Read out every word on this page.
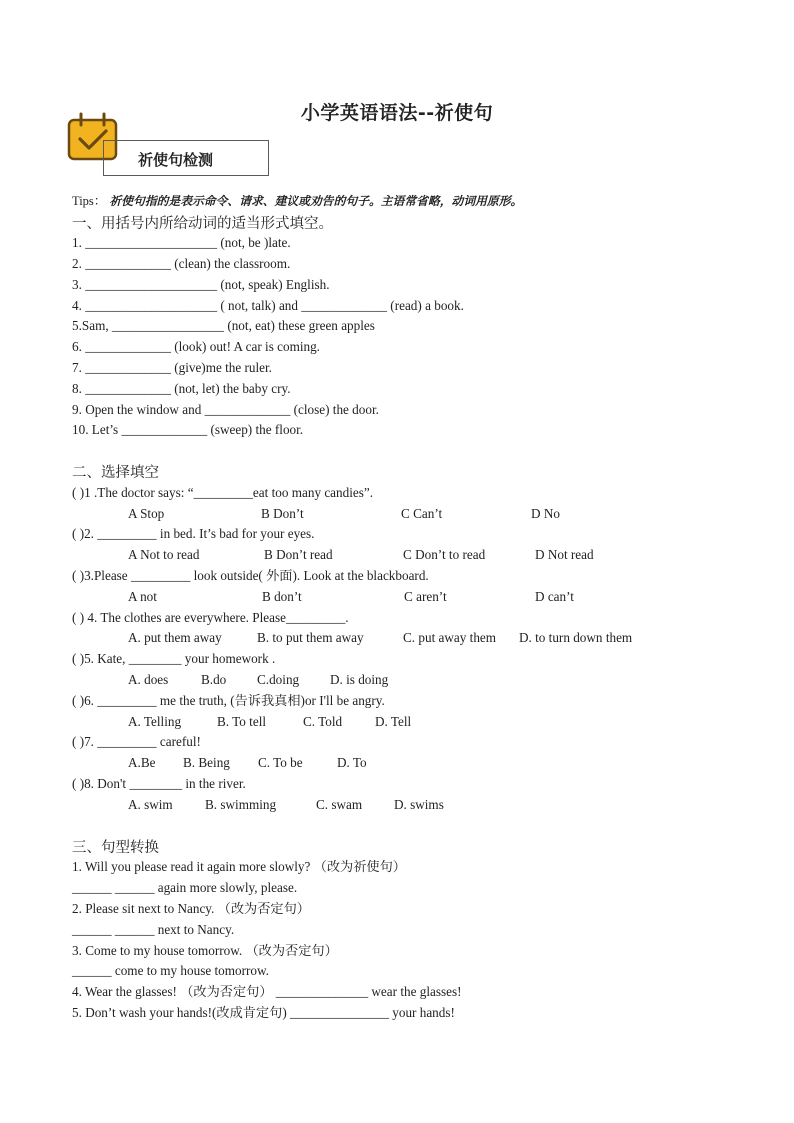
小学英语语法--祈使句
祈使句检测
Tips： 祈使句指的是表示命令、请求、建议或劝告的句子。主语常省略，动词用原形。
一、用括号内所给动词的适当形式填空。
1. ____________________ (not, be )late.
2. _____________ (clean) the classroom.
3. ____________________ (not, speak) English.
4. ____________________ ( not, talk) and _____________ (read) a book.
5.Sam, _________________ (not, eat) these green apples
6. _____________ (look) out! A car is coming.
7. _____________ (give)me the ruler.
8. _____________ (not, let) the baby cry.
9. Open the window and _____________ (close) the door.
10. Let’s _____________ (sweep) the floor.
二、选择填空
( )1 .The doctor says: “_________eat too many candies”.
A Stop	B Don’t	C Can’t	D No
( )2. _________ in bed. It’s bad for your eyes.
A Not to read	B Don’t read	C Don’t to read	D Not read
( )3.Please _________ look outside( 外面). Look at the blackboard.
A not	B don’t	C aren’t	D can’t
( ) 4. The clothes are everywhere. Please_________.
A. put them away	B. to put them away	C. put away them D. to turn down them
( )5. Kate, ________ your homework .
A. does B.do C.doing D. is doing
( )6. _________ me the truth, (告诉我真相)or I'll be angry.
A. Telling	B. To tell	C. Told D. Tell
( )7. _________ careful!
A.Be B. Being C. To be	D. To
( )8. Don't ________ in the river.
A. swim B. swimming	C. swam D. swims
三、句型转换
1. Will you please read it again more slowly? （改为祈使句）
______ ______ again more slowly, please.
2. Please sit next to Nancy. （改为否定句）
______ ______ next to Nancy.
3. Come to my house tomorrow. （改为否定句）
______ come to my house tomorrow.
4. Wear the glasses! （改为否定句） ______________ wear the glasses!
5. Don’t wash your hands!(改成肯定句) _______________ your hands!
